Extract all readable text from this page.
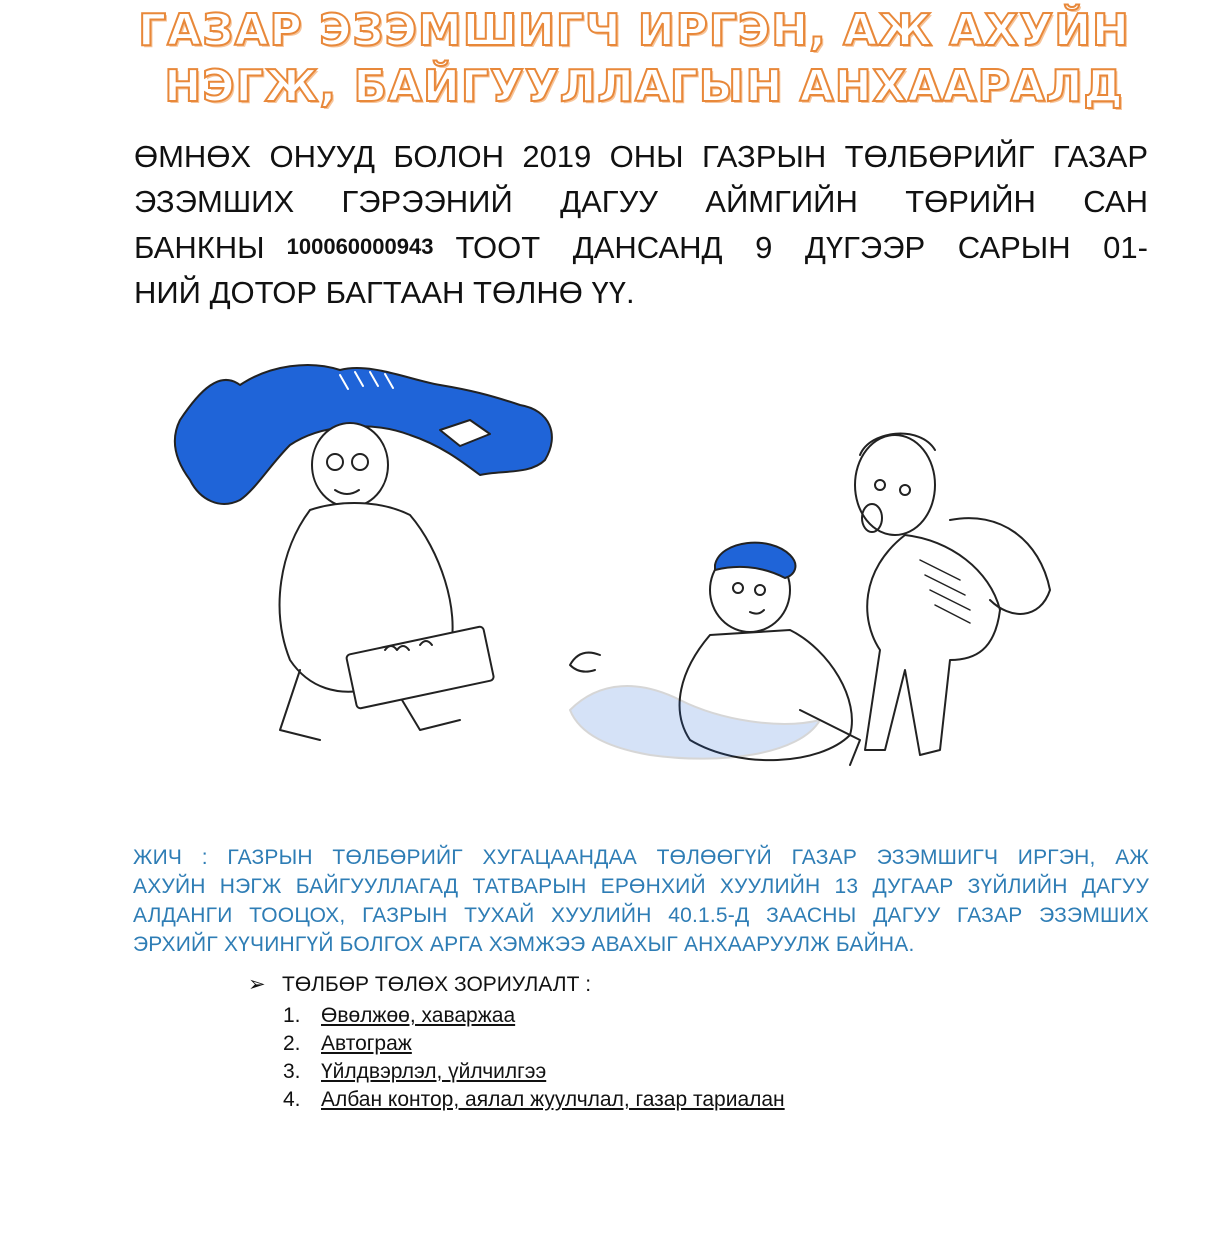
ГАЗАР ЭЗЭМШИГЧ ИРГЭН, АЖ АХУЙН
НЭГЖ, БАЙГУУЛЛАГЫН АНХААРАЛД

ӨМНӨХ ОНУУД БОЛОН 2019 ОНЫ ГАЗРЫН ТӨЛБӨРИЙГ ГАЗАР
ЭЗЭМШИХ ГЭРЭЭНИЙ ДАГУУ АЙМГИЙН ТӨРИЙН САН
БАНКНЫ 100060000943 ТООТ ДАНСАНД 9 ДҮГЭЭР САРЫН 01-
НИЙ ДОТОР БАГТААН ТӨЛНӨ ҮҮ.

ЖИЧ : ГАЗРЫН ТӨЛБӨРИЙГ ХУГАЦААНДАА ТӨЛӨӨГҮЙ ГАЗАР ЭЗЭМШИГЧ ИРГЭН, АЖ
АХУЙН НЭГЖ БАЙГУУЛЛАГАД ТАТВАРЫН ЕРӨНХИЙ ХУУЛИЙН 13 ДУГААР ЗҮЙЛИЙН ДАГУУ
АЛДАНГИ ТООЦОХ, ГАЗРЫН ТУХАЙ ХУУЛИЙН 40.1.5-Д ЗААСНЫ ДАГУУ ГАЗАР ЭЗЭМШИХ
ЭРХИЙГ ХҮЧИНГҮЙ БОЛГОХ АРГА ХЭМЖЭЭ АВАХЫГ АНХААРУУЛЖ БАЙНА.

➢ ТӨЛБӨР ТӨЛӨХ ЗОРИУЛАЛТ :
1. Өвөлжөө, хаваржаа
2. Автограж
3. Үйлдвэрлэл, үйлчилгээ
4. Албан контор, аялал жуулчлал, газар тариалан
